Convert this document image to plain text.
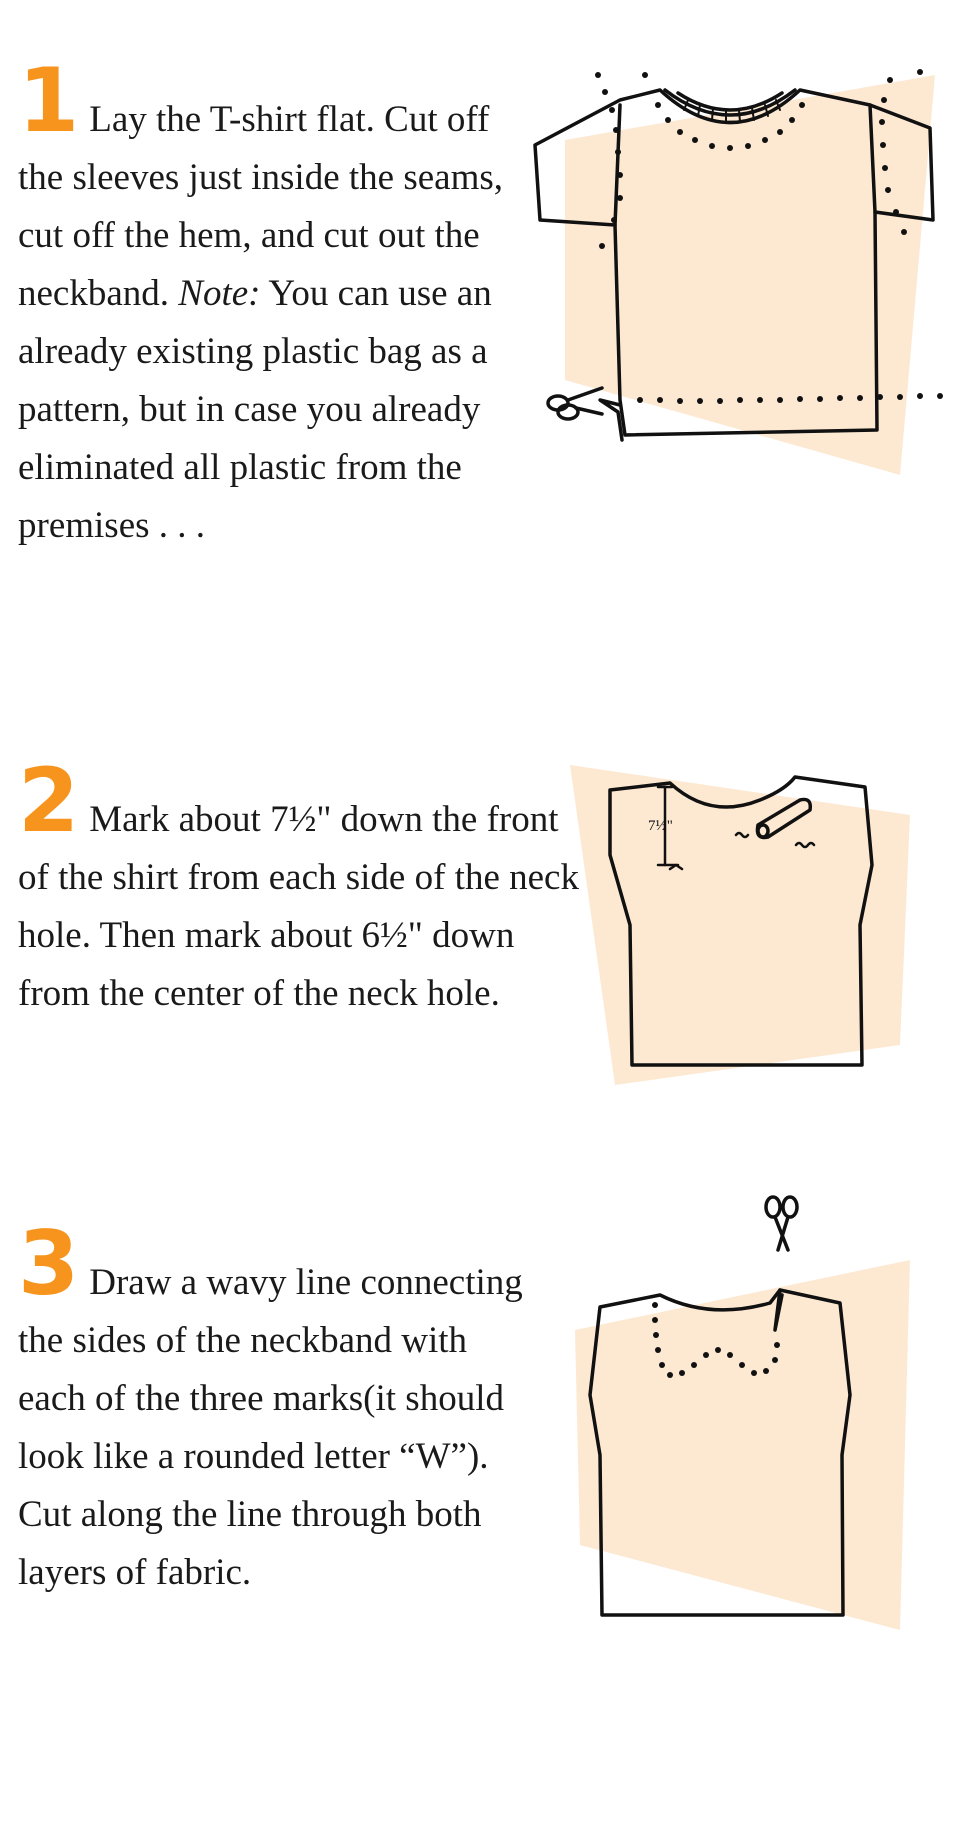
1 Lay the T-shirt flat. Cut off the sleeves just inside the seams, cut off the hem, and cut out the neckband. Note: You can use an already existing plastic bag as a pattern, but in case you already eliminated all plastic from the premises . . .

2 Mark about 7½" down the front of the shirt from each side of the neck hole. Then mark about 6½" down from the center of the neck hole.

7½"

3 Draw a wavy line connecting the sides of the neckband with each of the three marks(it should look like a rounded letter “W”). Cut along the line through both layers of fabric.
